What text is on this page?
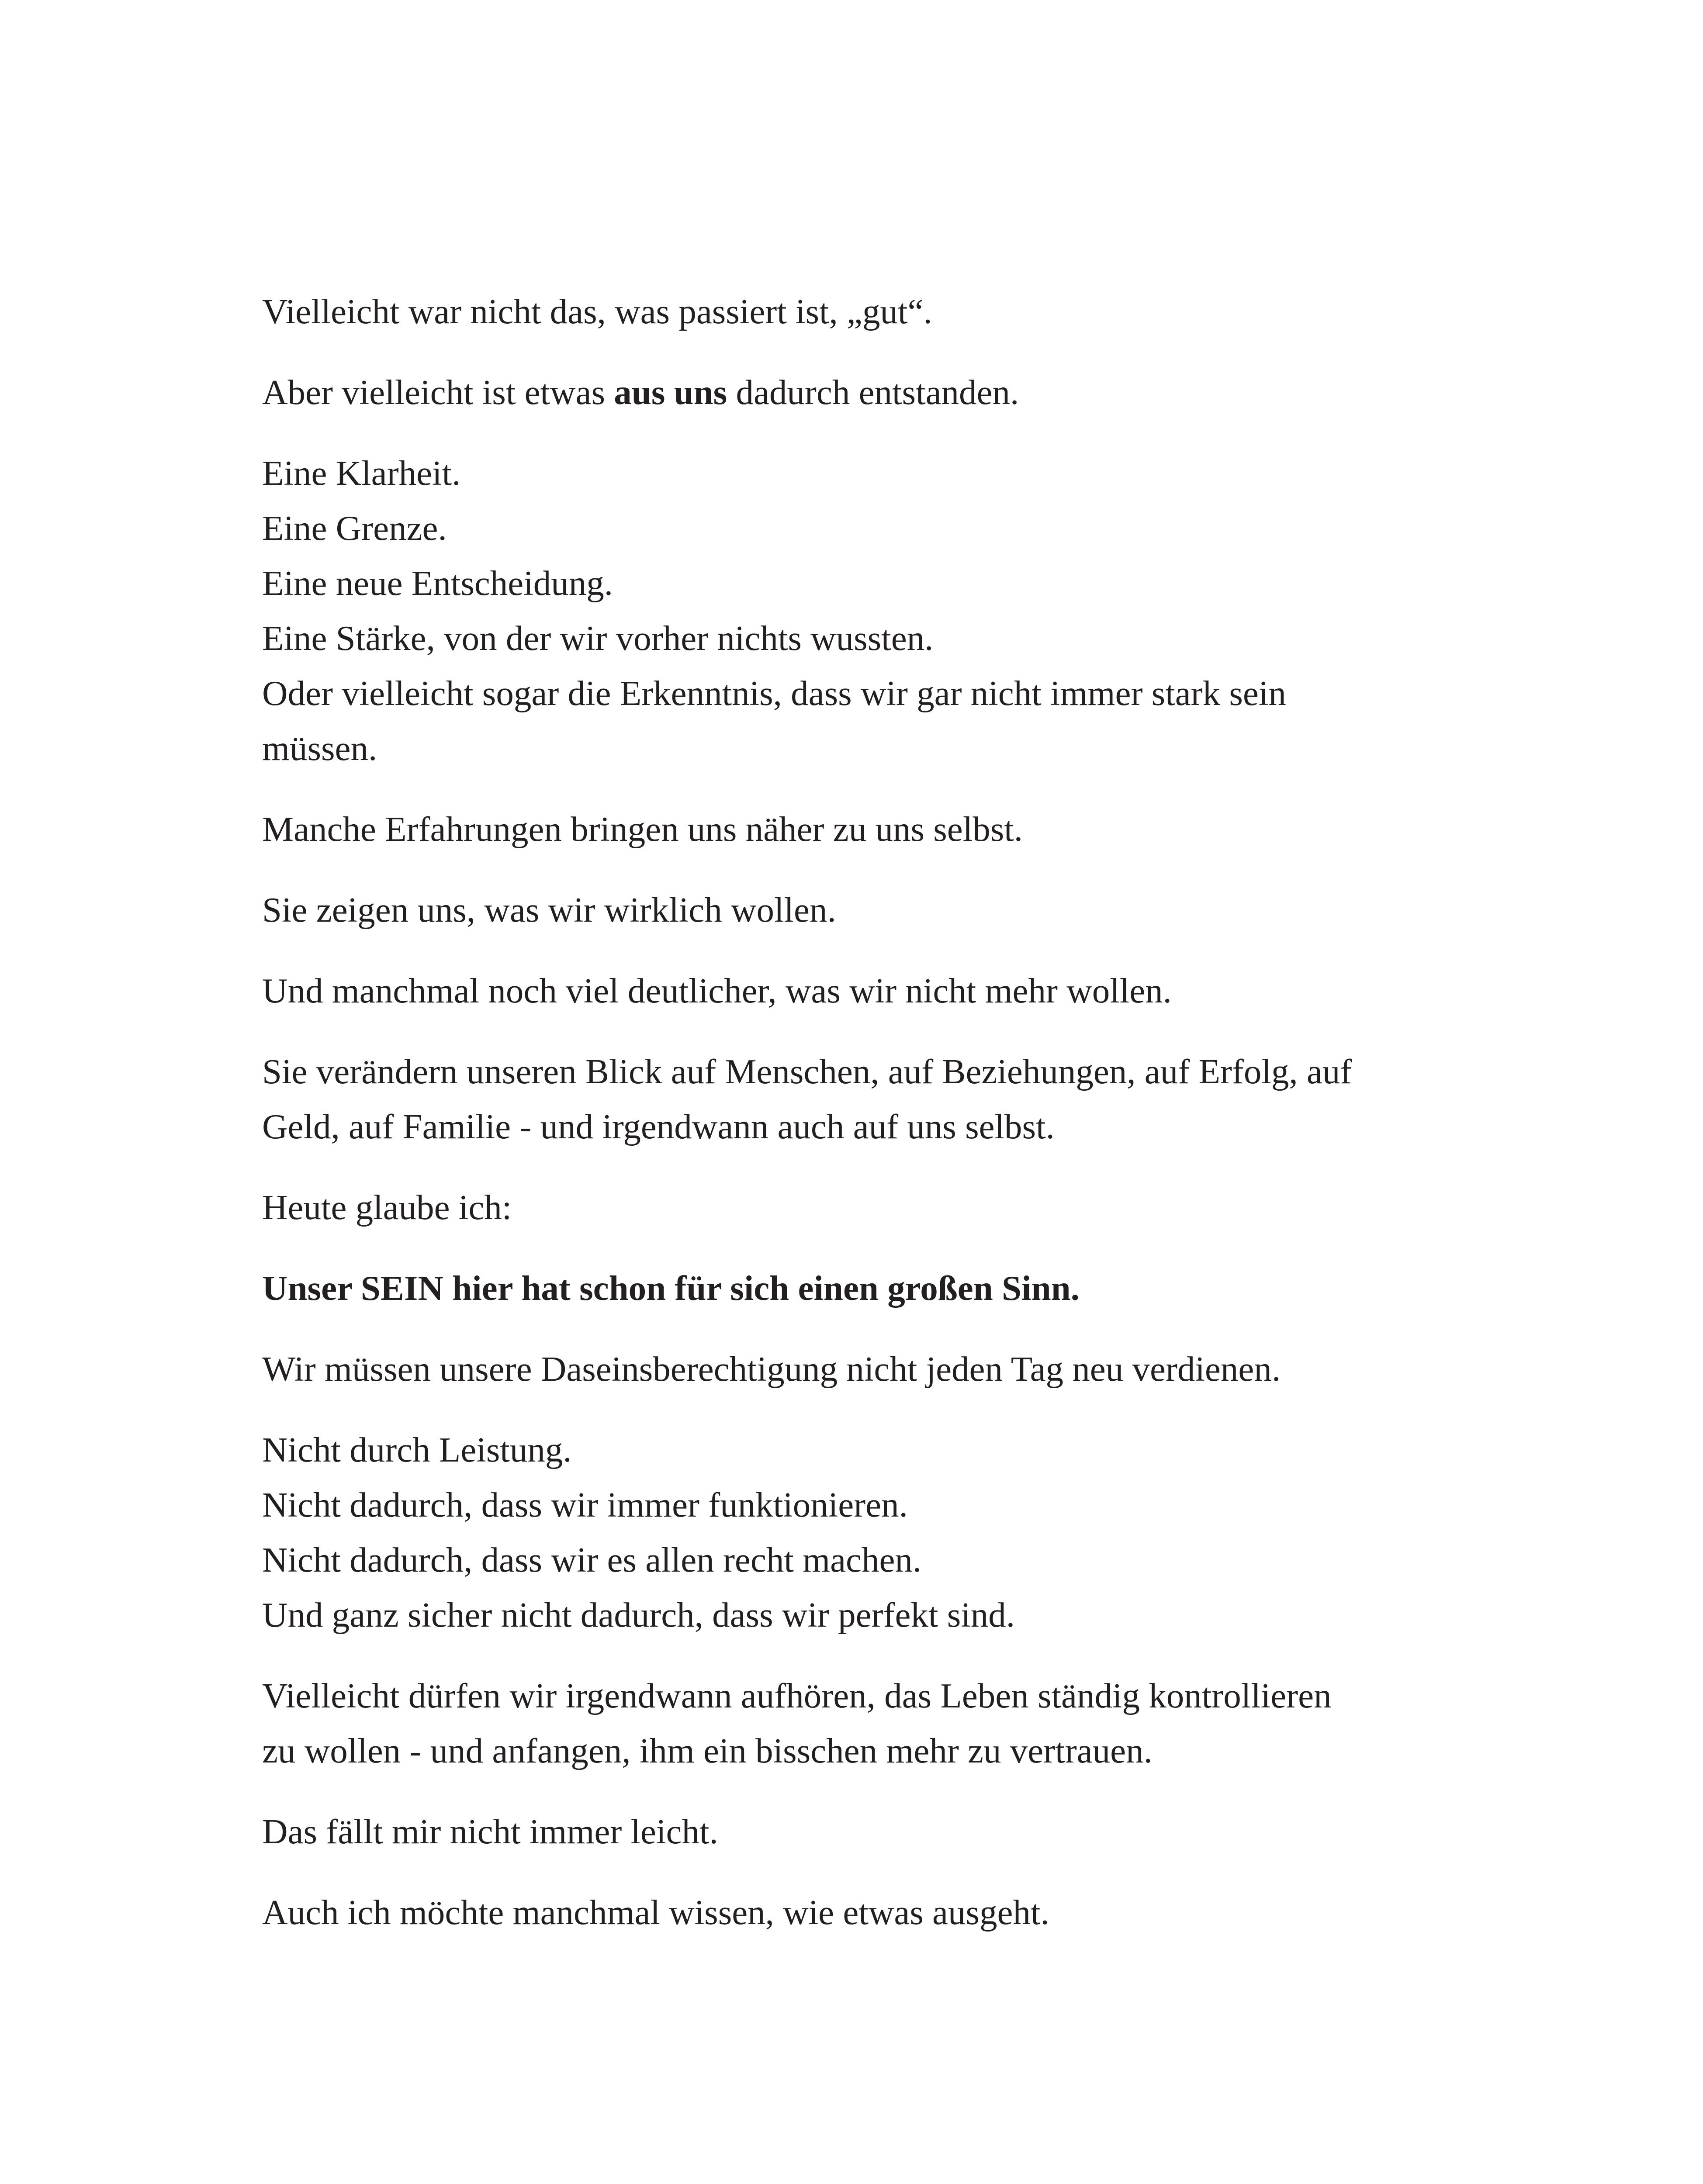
Vielleicht war nicht das, was passiert ist, „gut“.

Aber vielleicht ist etwas aus uns dadurch entstanden.

Eine Klarheit.
Eine Grenze.
Eine neue Entscheidung.
Eine Stärke, von der wir vorher nichts wussten.
Oder vielleicht sogar die Erkenntnis, dass wir gar nicht immer stark sein
müssen.

Manche Erfahrungen bringen uns näher zu uns selbst.

Sie zeigen uns, was wir wirklich wollen.

Und manchmal noch viel deutlicher, was wir nicht mehr wollen.

Sie verändern unseren Blick auf Menschen, auf Beziehungen, auf Erfolg, auf
Geld, auf Familie - und irgendwann auch auf uns selbst.

Heute glaube ich:

Unser SEIN hier hat schon für sich einen großen Sinn.

Wir müssen unsere Daseinsberechtigung nicht jeden Tag neu verdienen.

Nicht durch Leistung.
Nicht dadurch, dass wir immer funktionieren.
Nicht dadurch, dass wir es allen recht machen.
Und ganz sicher nicht dadurch, dass wir perfekt sind.

Vielleicht dürfen wir irgendwann aufhören, das Leben ständig kontrollieren
zu wollen - und anfangen, ihm ein bisschen mehr zu vertrauen.

Das fällt mir nicht immer leicht.

Auch ich möchte manchmal wissen, wie etwas ausgeht.
